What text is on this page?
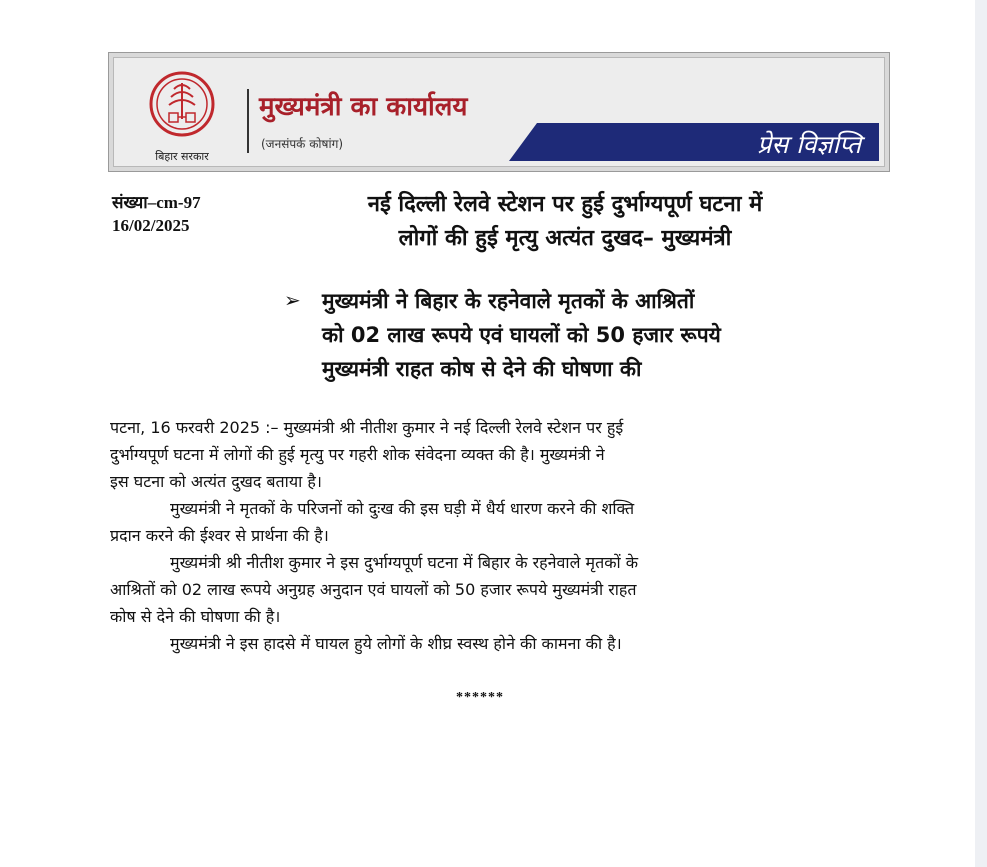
बिहार सरकार
मुख्यमंत्री का कार्यालय
(जनसंपर्क कोषांग)	प्रेस विज्ञप्ति
संख्या–cm-97
16/02/2025
नई दिल्ली रेलवे स्टेशन पर हुई दुर्भाग्यपूर्ण घटना में
लोगों की हुई मृत्यु अत्यंत दुखद– मुख्यमंत्री
➢ मुख्यमंत्री ने बिहार के रहनेवाले मृतकों के आश्रितों
को 02 लाख रूपये एवं घायलों को 50 हजार रूपये
मुख्यमंत्री राहत कोष से देने की घोषणा की
पटना, 16 फरवरी 2025 :– मुख्यमंत्री श्री नीतीश कुमार ने नई दिल्ली रेलवे स्टेशन पर हुई
दुर्भाग्यपूर्ण घटना में लोगों की हुई मृत्यु पर गहरी शोक संवेदना व्यक्त की है। मुख्यमंत्री ने
इस घटना को अत्यंत दुखद बताया है।
मुख्यमंत्री ने मृतकों के परिजनों को दुःख की इस घड़ी में धैर्य धारण करने की शक्ति
प्रदान करने की ईश्वर से प्रार्थना की है।
मुख्यमंत्री श्री नीतीश कुमार ने इस दुर्भाग्यपूर्ण घटना में बिहार के रहनेवाले मृतकों के
आश्रितों को 02 लाख रूपये अनुग्रह अनुदान एवं घायलों को 50 हजार रूपये मुख्यमंत्री राहत
कोष से देने की घोषणा की है।
मुख्यमंत्री ने इस हादसे में घायल हुये लोगों के शीघ्र स्वस्थ होने की कामना की है।
******
